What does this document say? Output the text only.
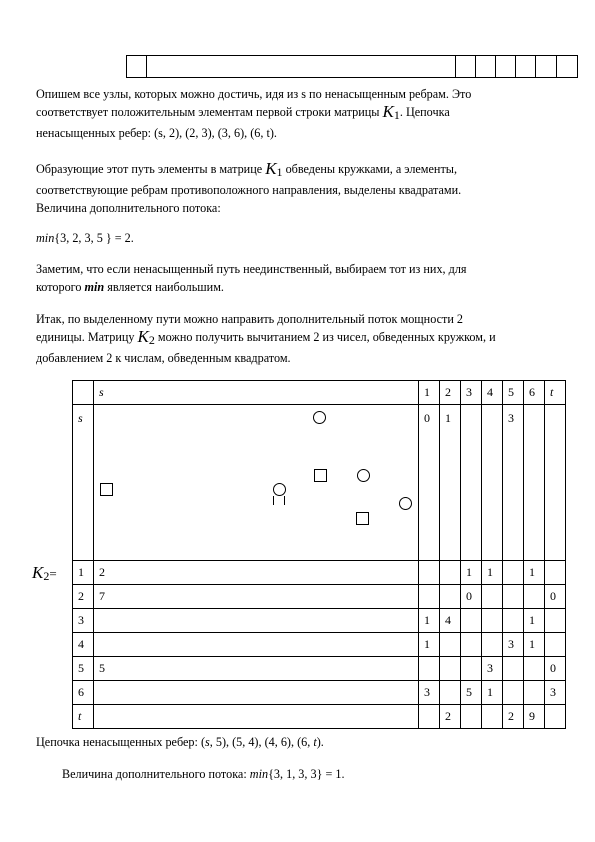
Опишем все узлы, которых можно достичь, идя из s по ненасыщенным ребрам. Это
соответствует положительным элементам первой строки матрицы $K_1$. Цепочка
ненасыщенных ребер: (s, 2), (2, 3), (3, 6), (6, t).

Образующие этот путь элементы в матрице $K_1$ обведены кружками, а элементы,
соответствующие ребрам противоположного направления, выделены квадратами.
Величина дополнительного потока:

min{3, 2, 3, 5 } = 2.

Заметим, что если ненасыщенный путь неединственный, выбираем тот из них, для
которого min является наибольшим.

Итак, по выделенному пути можно направить дополнительный поток мощности 2
единицы. Матрицу $K_2$ можно получить вычитанием 2 из чисел, обведенных кружком, и
добавлением 2 к числам, обведенным квадратом.

$K_2=$
	s	1	2	3	4	5	6	t
s		0	1			3		
1	2			1	1		1	
2	7			0				0
3		1	4				1	
4		1				3	1	
5	5				3			0
6		3		5	1			3
t			2			2	9	

Цепочка ненасыщенных ребер: (s, 5), (5, 4), (4, 6), (6, t).

Величина дополнительного потока: min{3, 1, 3, 3} = 1.
